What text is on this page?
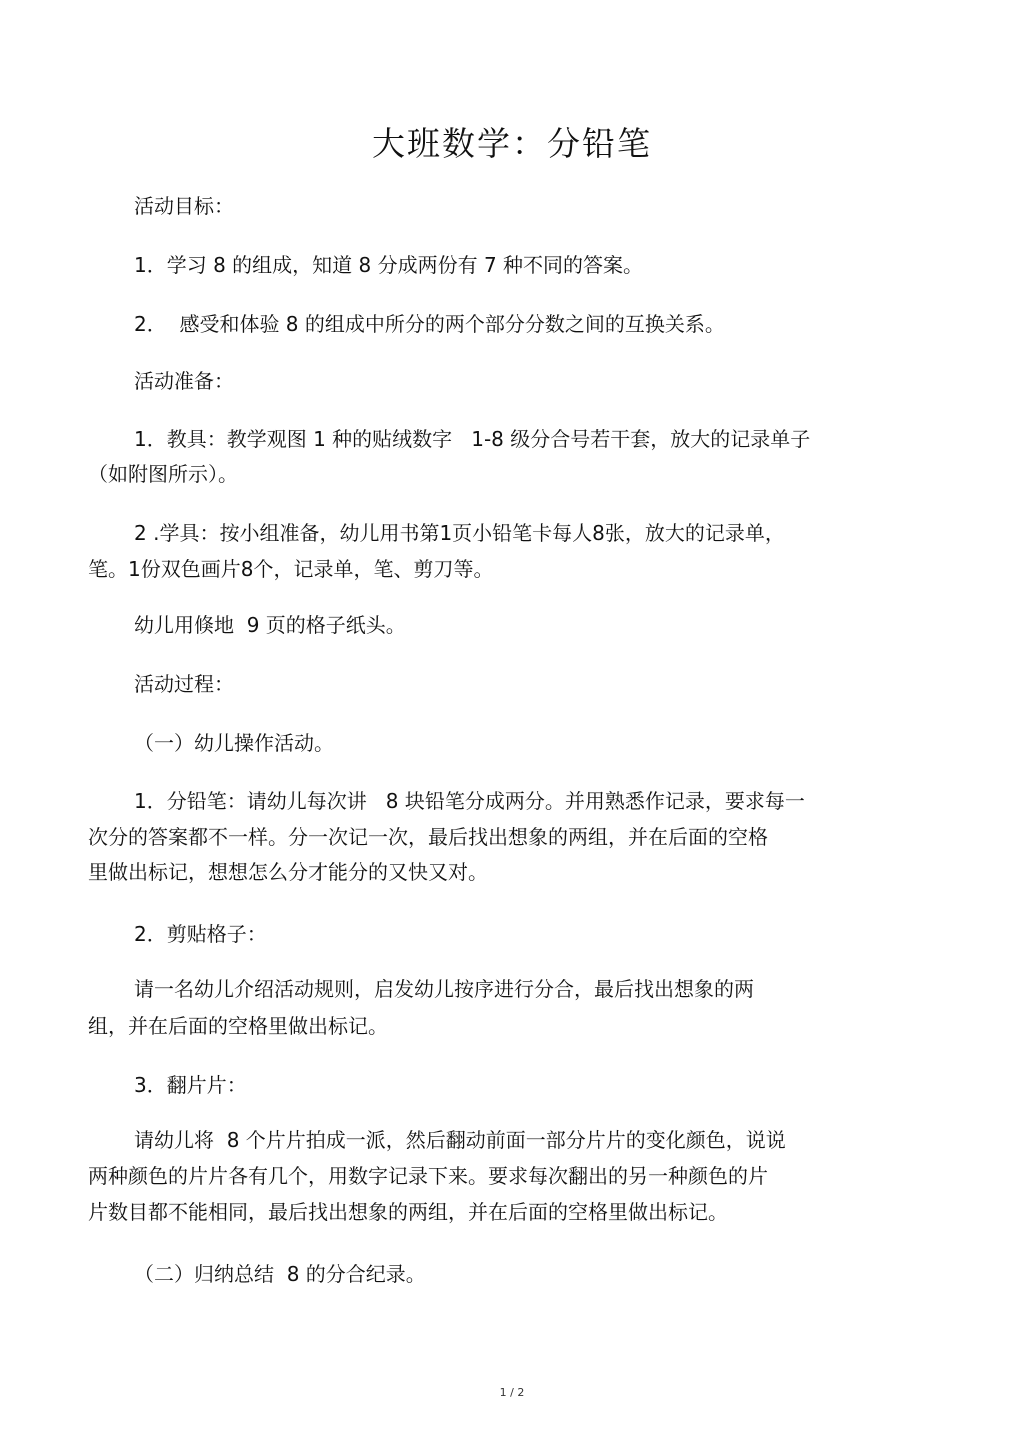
大班数学：分铅笔

活动目标：

1．学习 8 的组成，知道 8 分成两份有 7 种不同的答案。

2．  感受和体验 8 的组成中所分的两个部分分数之间的互换关系。

活动准备：

1．教具：教学观图 1 种的贴绒数字   1-8 级分合号若干套，放大的记录单子

（如附图所示）。

2 .学具：按小组准备，幼儿用书第1页小铅笔卡每人8张，放大的记录单，

笔。1份双色画片8个，记录单，笔、剪刀等。

幼儿用倏地  9 页的格子纸头。

活动过程：

（一）幼儿操作活动。

1．分铅笔：请幼儿每次讲   8 块铅笔分成两分。并用熟悉作记录，要求每一

次分的答案都不一样。分一次记一次，最后找出想象的两组，并在后面的空格

里做出标记，想想怎么分才能分的又快又对。

2．剪贴格子：

请一名幼儿介绍活动规则，启发幼儿按序进行分合，最后找出想象的两

组，并在后面的空格里做出标记。

3．翻片片：

请幼儿将  8 个片片拍成一派，然后翻动前面一部分片片的变化颜色，说说

两种颜色的片片各有几个，用数字记录下来。要求每次翻出的另一种颜色的片

片数目都不能相同，最后找出想象的两组，并在后面的空格里做出标记。

（二）归纳总结  8 的分合纪录。

1 / 2
